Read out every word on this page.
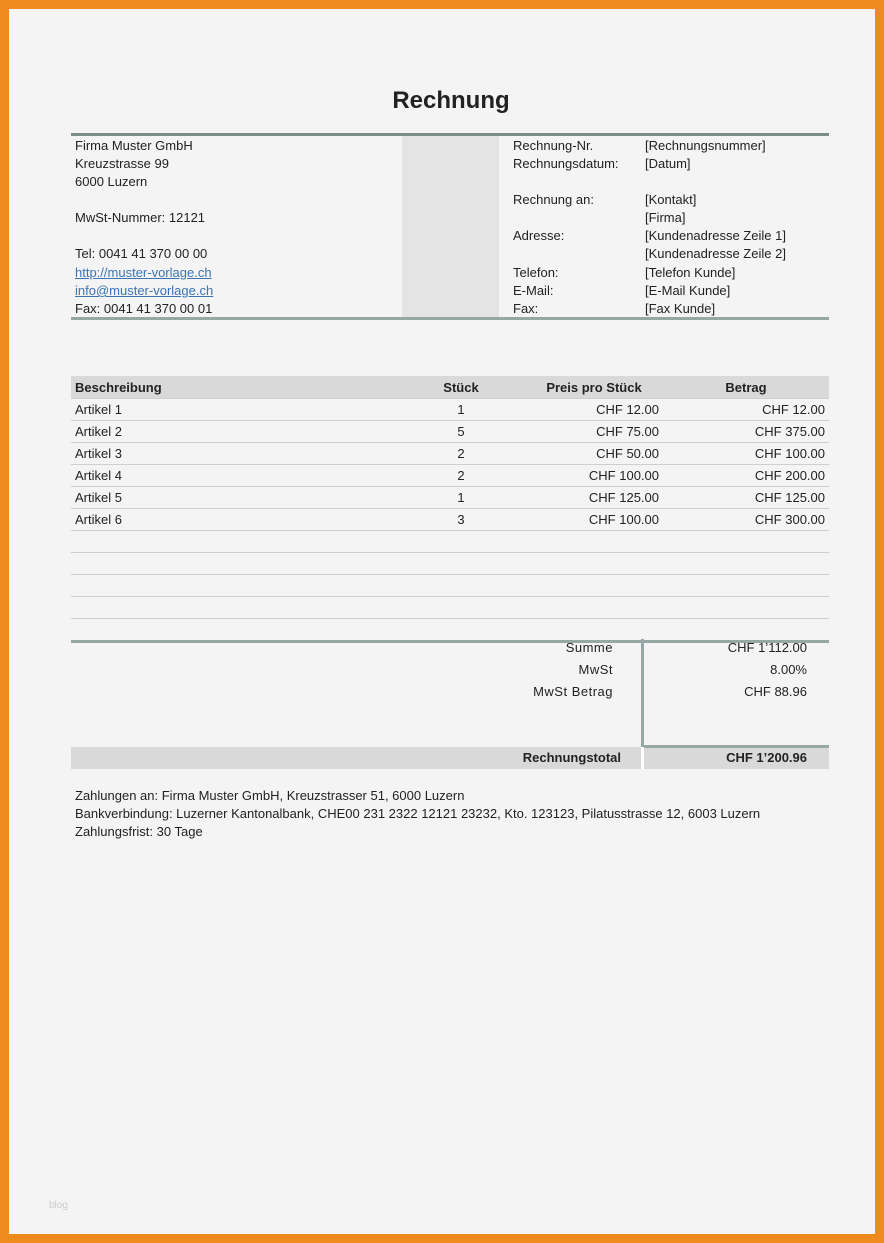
Rechnung
Firma Muster GmbH
Kreuzstrasse 99
6000 Luzern
MwSt-Nummer: 12121
Tel: 0041 41 370 00 00
http://muster-vorlage.ch
info@muster-vorlage.ch
Fax: 0041 41 370 00 01
Rechnung-Nr.	[Rechnungsnummer]
Rechnungsdatum: [Datum]
Rechnung an:	[Kontakt]
[Firma]
Adresse:	[Kundenadresse Zeile 1]
[Kundenadresse Zeile 2]
Telefon:	[Telefon Kunde]
E-Mail:	[E-Mail Kunde]
Fax:	[Fax Kunde]
Beschreibung	Stück	Preis pro Stück	Betrag
Artikel 1	1	CHF 12.00	CHF 12.00
Artikel 2	5	CHF 75.00	CHF 375.00
Artikel 3	2	CHF 50.00	CHF 100.00
Artikel 4	2	CHF 100.00	CHF 200.00
Artikel 5	1	CHF 125.00	CHF 125.00
Artikel 6	3	CHF 100.00	CHF 300.00

Summe	CHF 1’112.00
MwSt	8.00%
MwSt Betrag	CHF 88.96
Rechnungstotal	CHF 1’200.96
Zahlungen an: Firma Muster GmbH, Kreuzstrasser 51, 6000 Luzern
Bankverbindung: Luzerner Kantonalbank, CHE00 231 2322 12121 23232, Kto. 123123, Pilatusstrasse 12, 6003 Luzern
Zahlungsfrist: 30 Tage
blog
